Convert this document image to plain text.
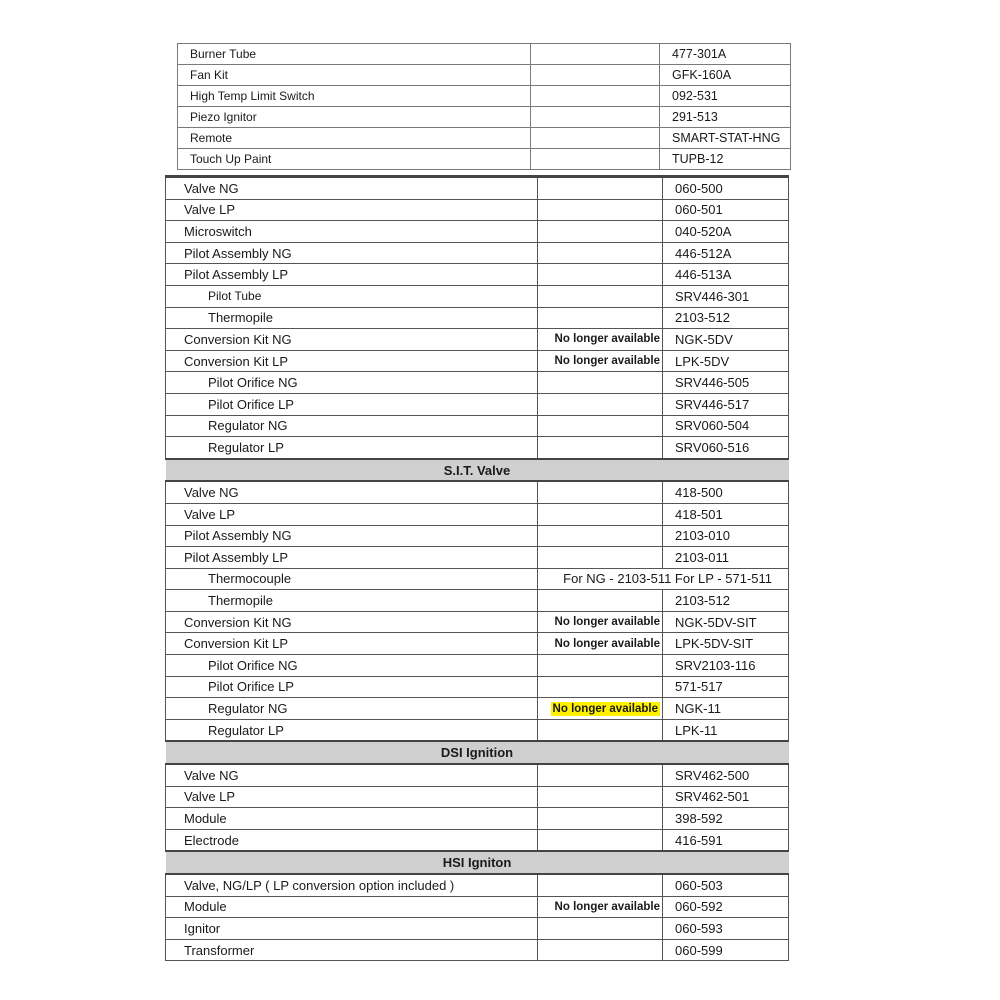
Burner Tube		477-301A
Fan Kit		GFK-160A
High Temp Limit Switch		092-531
Piezo Ignitor		291-513
Remote		SMART-STAT-HNG
Touch Up Paint		TUPB-12
Valve NG		060-500
Valve LP		060-501
Microswitch		040-520A
Pilot Assembly NG		446-512A
Pilot Assembly LP		446-513A
Pilot Tube		SRV446-301
Thermopile		2103-512
Conversion Kit NG	No longer available	NGK-5DV
Conversion Kit LP	No longer available	LPK-5DV
Pilot Orifice NG		SRV446-505
Pilot Orifice LP		SRV446-517
Regulator NG		SRV060-504
Regulator LP		SRV060-516
S.I.T. Valve		
Valve NG		418-500
Valve LP		418-501
Pilot Assembly NG		2103-010
Pilot Assembly LP		2103-011
Thermocouple	For NG - 2103-511 For LP - 571-511	
Thermopile		2103-512
Conversion Kit NG	No longer available	NGK-5DV-SIT
Conversion Kit LP	No longer available	LPK-5DV-SIT
Pilot Orifice NG		SRV2103-116
Pilot Orifice LP		571-517
Regulator NG	No longer available	NGK-11
Regulator LP		LPK-11
DSI Ignition		
Valve NG		SRV462-500
Valve LP		SRV462-501
Module		398-592
Electrode		416-591
HSI Igniton		
Valve, NG/LP ( LP conversion option included )		060-503
Module	No longer available	060-592
Ignitor		060-593
Transformer		060-599
